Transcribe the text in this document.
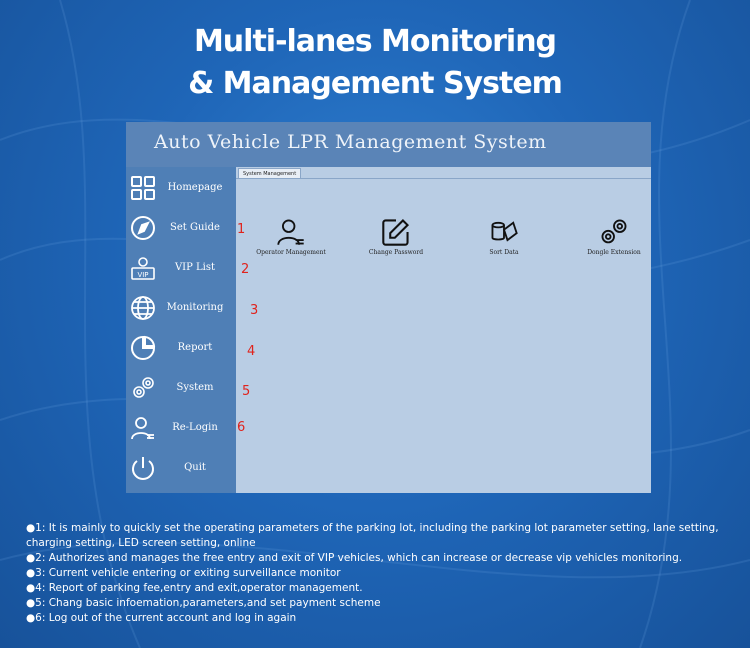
Multi-lanes Monitoring
& Management System
Auto Vehicle LPR Management System
Homepage
Set Guide
VIP
VIP List
Monitoring
Report
System
Re-Login
Quit
1
2
3
4
5
6
System Management
Operator Management	Change Password	Sort Data	Dongle Extension
●1: It is mainly to quickly set the operating parameters of the parking lot, including the parking lot parameter setting, lane setting, charging setting, LED screen setting, online
●2: Authorizes and manages the free entry and exit of VIP vehicles, which can increase or decrease vip vehicles monitoring.
●3: Current vehicle entering or exiting surveillance monitor
●4: Report of parking fee,entry and exit,operator management.
●5: Chang basic infoemation,parameters,and set payment scheme
●6: Log out of the current account and log in again
